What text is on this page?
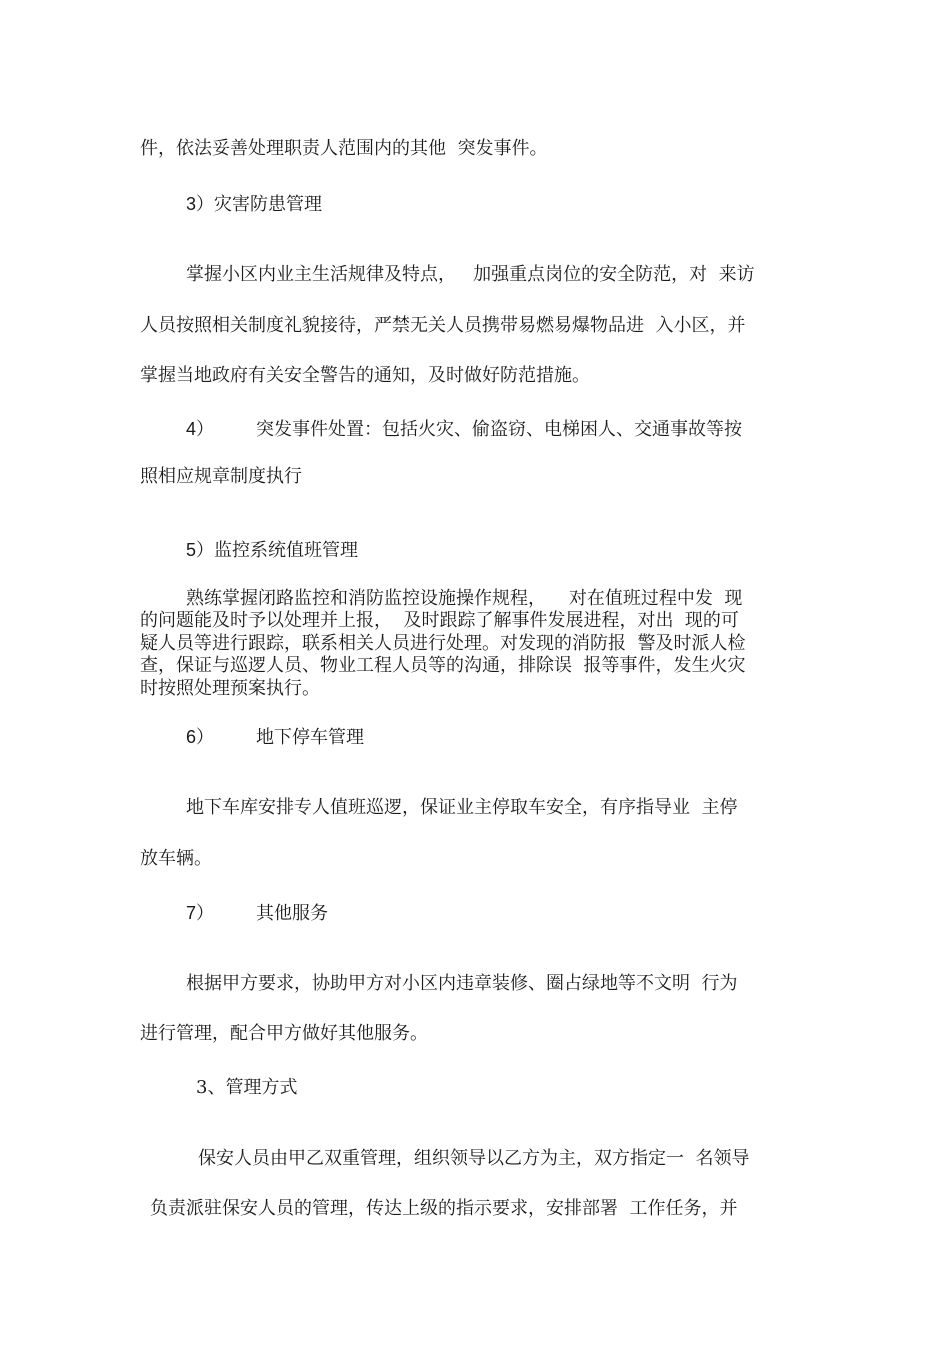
件，依法妥善处理职责人范围内的其他  突发事件。

3）灾害防患管理

掌握小区内业主生活规律及特点，   加强重点岗位的安全防范，对  来访

人员按照相关制度礼貌接待，严禁无关人员携带易燃易爆物品进  入小区，并

掌握当地政府有关安全警告的通知，及时做好防范措施。

4） 突发事件处置：包括火灾、偷盗窃、电梯困人、交通事故等按

照相应规章制度执行

5）监控系统值班管理

熟练掌握闭路监控和消防监控设施操作规程，    对在值班过程中发  现

的问题能及时予以处理并上报，  及时跟踪了解事件发展进程，对出  现的可

疑人员等进行跟踪，联系相关人员进行处理。对发现的消防报  警及时派人检

查，保证与巡逻人员、物业工程人员等的沟通，排除误  报等事件，发生火灾

时按照处理预案执行。

6） 地下停车管理

地下车库安排专人值班巡逻，保证业主停取车安全，有序指导业  主停

放车辆。

7） 其他服务

根据甲方要求，协助甲方对小区内违章装修、圈占绿地等不文明  行为

进行管理，配合甲方做好其他服务。

3、管理方式

保安人员由甲乙双重管理，组织领导以乙方为主，双方指定一  名领导

负责派驻保安人员的管理，传达上级的指示要求，安排部署  工作任务，并
